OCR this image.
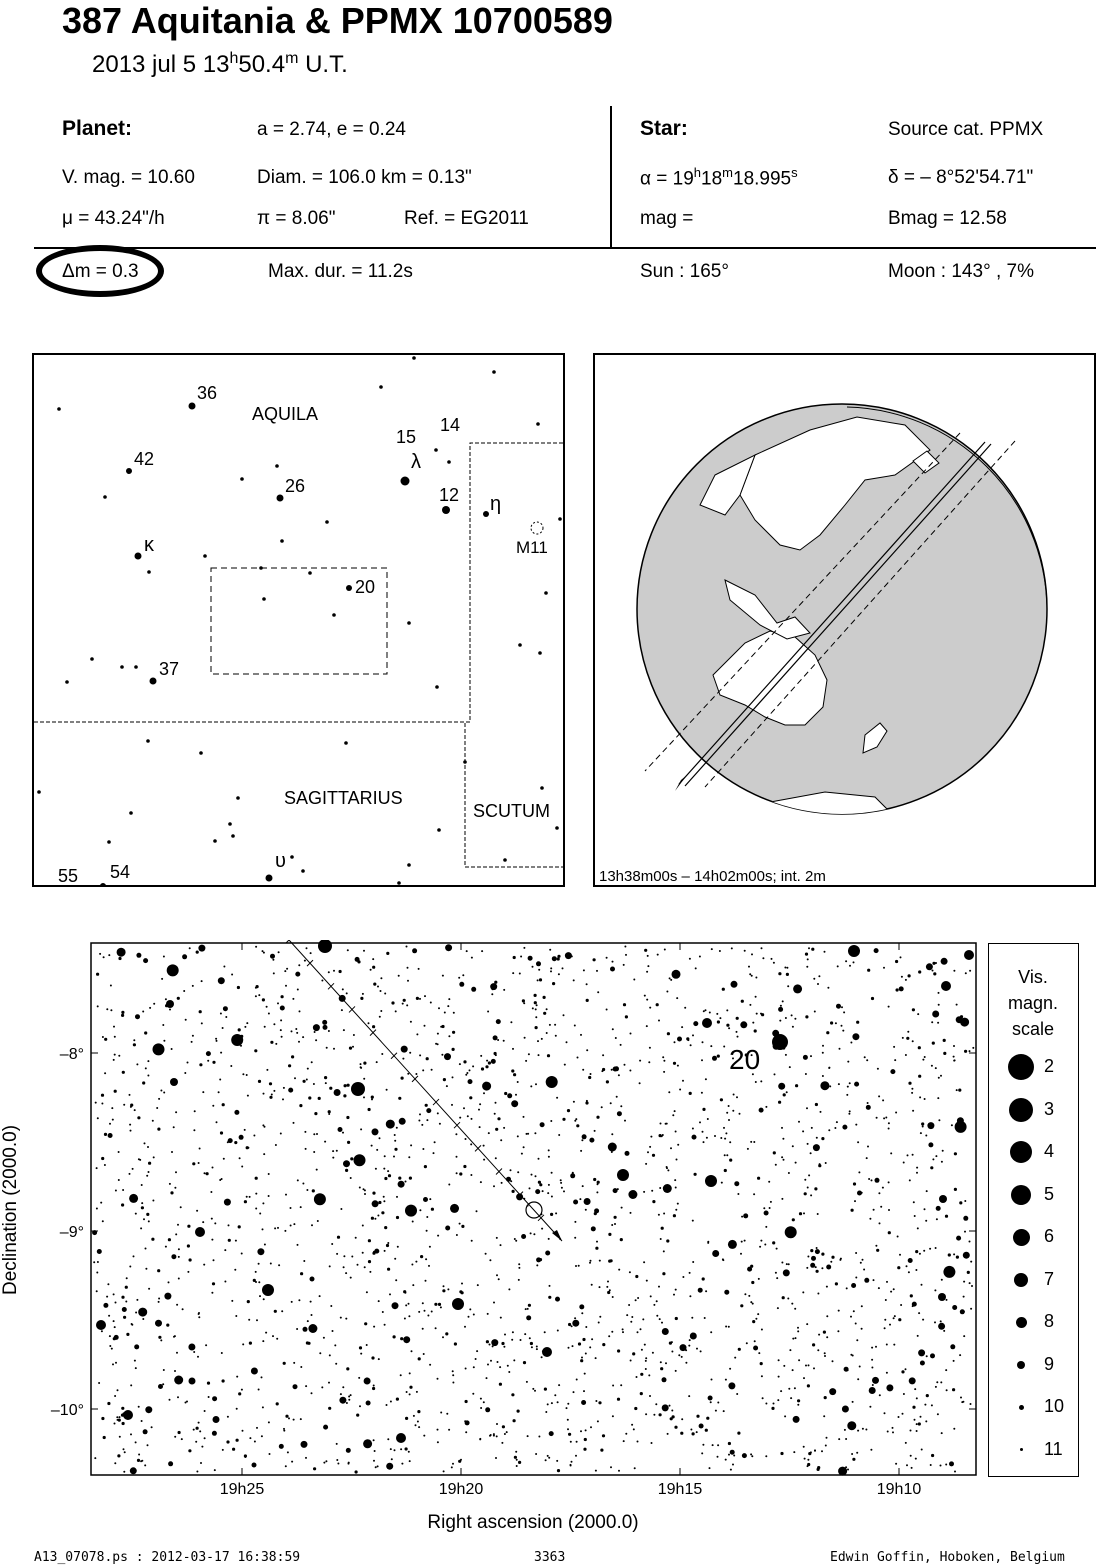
387 Aquitania & PPMX 10700589
2013 jul 5 13$^h$50.4$^m$ U.T.
Planet:	a = 2.74, e = 0.24
V. mag. = 10.60	Diam. = 106.0 km = 0.13"
μ = 43.24"/h	π = 8.06"	Ref. = EG2011
Star:	Source cat. PPMX
$\alpha = 19^h18^m18.995^s$	δ = – 8°52'54.71"
mag =	Bmag = 12.58
Δm = 0.3	Max. dur. = 11.2s	Sun : 165°	Moon : 143° , 7%
AQUILA
SAGITTARIUS
SCUTUM
M11
36
42
26
15
14
λ
12 η
κ
20
37
υ
55 54	13h38m00s – 14h02m00s; int. 2m
20
19h25	19h20	19h15	19h10
–8°
–9°
–10°
Right ascension (2000.0)
Declination (2000.0)
Vis.
magn.
scale
2
3
4
5
6
7
8
9
10
11
A13_07078.ps : 2012-03-17 16:38:59	3363	Edwin Goffin, Hoboken, Belgium
